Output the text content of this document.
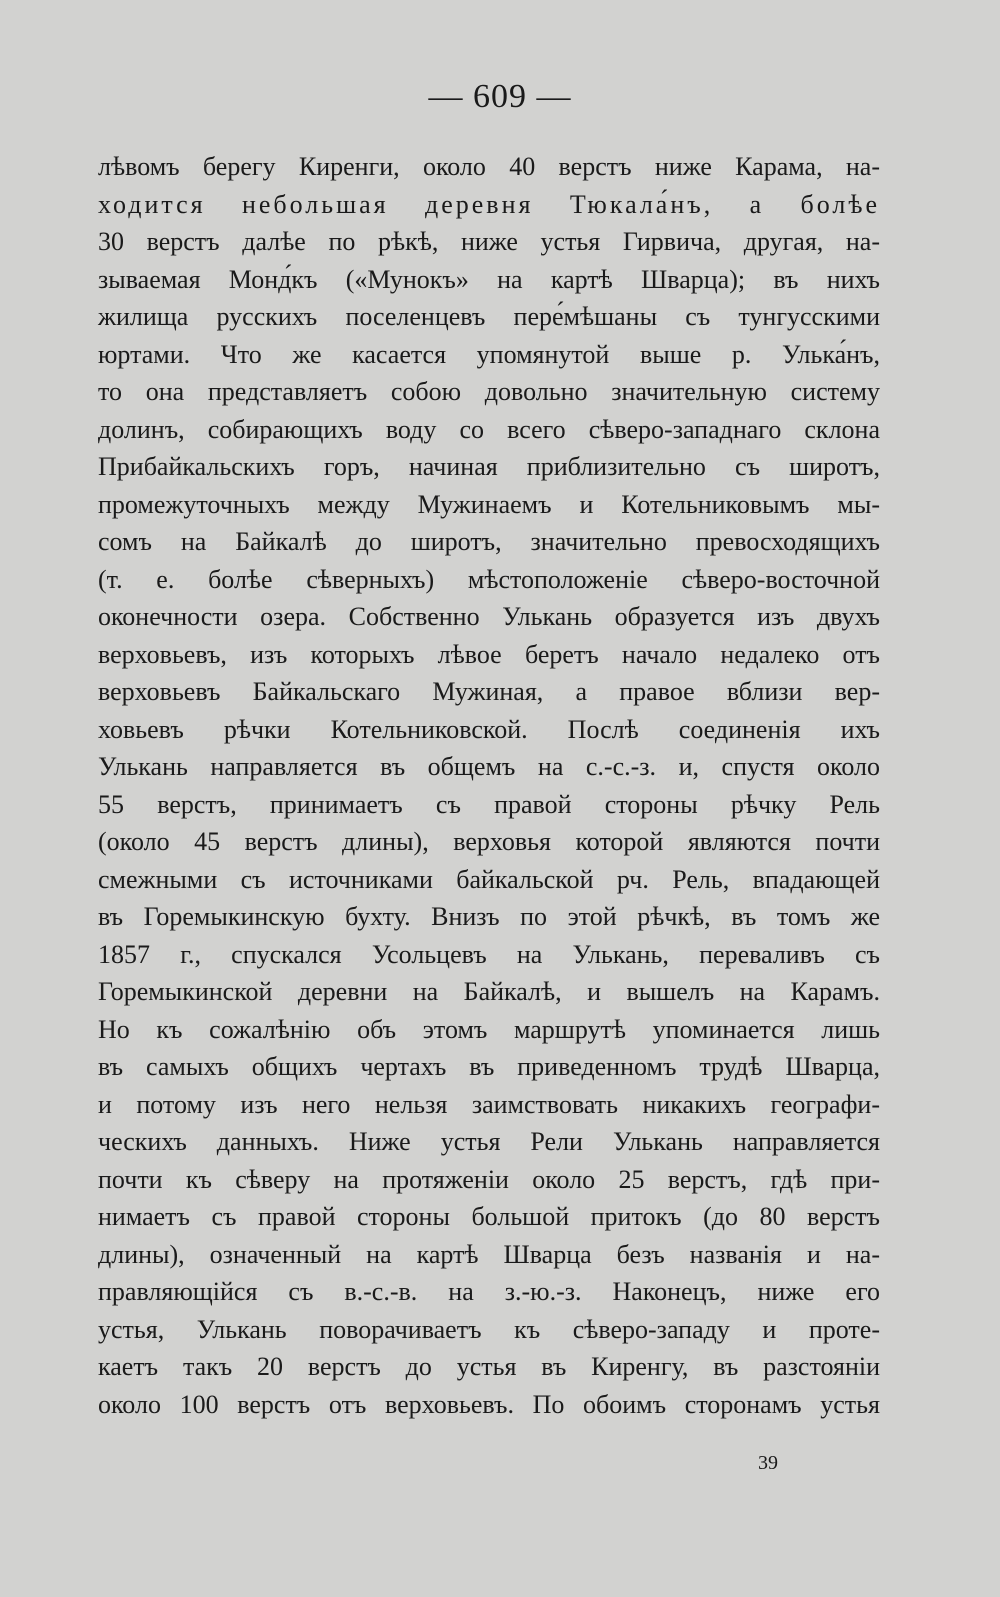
— 609 —
лѣвомъ берегу Киренги, около 40 верстъ ниже Карама, на-
ходится небольшая деревня Тюкала́нъ, а болѣе
30 верстъ далѣе по рѣкѣ, ниже устья Гирвича, другая, на-
зываемая Монд́къ («Мунокъ» на картѣ Шварца); въ нихъ
жилища русскихъ поселенцевъ пере́мѣшаны съ тунгусскими
юртами. Что же касается упомянутой выше р. Улька́нъ,
то она представляетъ собою довольно значительную систему
долинъ, собирающихъ воду со всего сѣверо-западнаго склона
Прибайкальскихъ горъ, начиная приблизительно съ широтъ,
промежуточныхъ между Мужинаемъ и Котельниковымъ мы-
сомъ на Байкалѣ до широтъ, значительно превосходящихъ
(т. е. болѣе сѣверныхъ) мѣстоположеніе сѣверо-восточной
оконечности озера. Собственно Улькань образуется изъ двухъ
верховьевъ, изъ которыхъ лѣвое беретъ начало недалеко отъ
верховьевъ Байкальскаго Мужиная, а правое вблизи вер-
ховьевъ рѣчки Котельниковской. Послѣ соединенія ихъ
Улькань направляется въ общемъ на с.-с.-з. и, спустя около
55 верстъ, принимаетъ съ правой стороны рѣчку Рель
(около 45 верстъ длины), верховья которой являются почти
смежными съ источниками байкальской рч. Рель, впадающей
въ Горемыкинскую бухту. Внизъ по этой рѣчкѣ, въ томъ же
1857 г., спускался Усольцевъ на Улькань, переваливъ съ
Горемыкинской деревни на Байкалѣ, и вышелъ на Карамъ.
Но къ сожалѣнію объ этомъ маршрутѣ упоминается лишь
въ самыхъ общихъ чертахъ въ приведенномъ трудѣ Шварца,
и потому изъ него нельзя заимствовать никакихъ географи-
ческихъ данныхъ. Ниже устья Рели Улькань направляется
почти къ сѣверу на протяженіи около 25 верстъ, гдѣ при-
нимаетъ съ правой стороны большой притокъ (до 80 верстъ
длины), означенный на картѣ Шварца безъ названія и на-
правляющійся съ в.-с.-в. на з.-ю.-з. Наконецъ, ниже его
устья, Улькань поворачиваетъ къ сѣверо-западу и протe-
каетъ такъ 20 верстъ до устья въ Киренгу, въ разстояніи
около 100 верстъ отъ верховьевъ. По обоимъ сторонамъ устья
39
